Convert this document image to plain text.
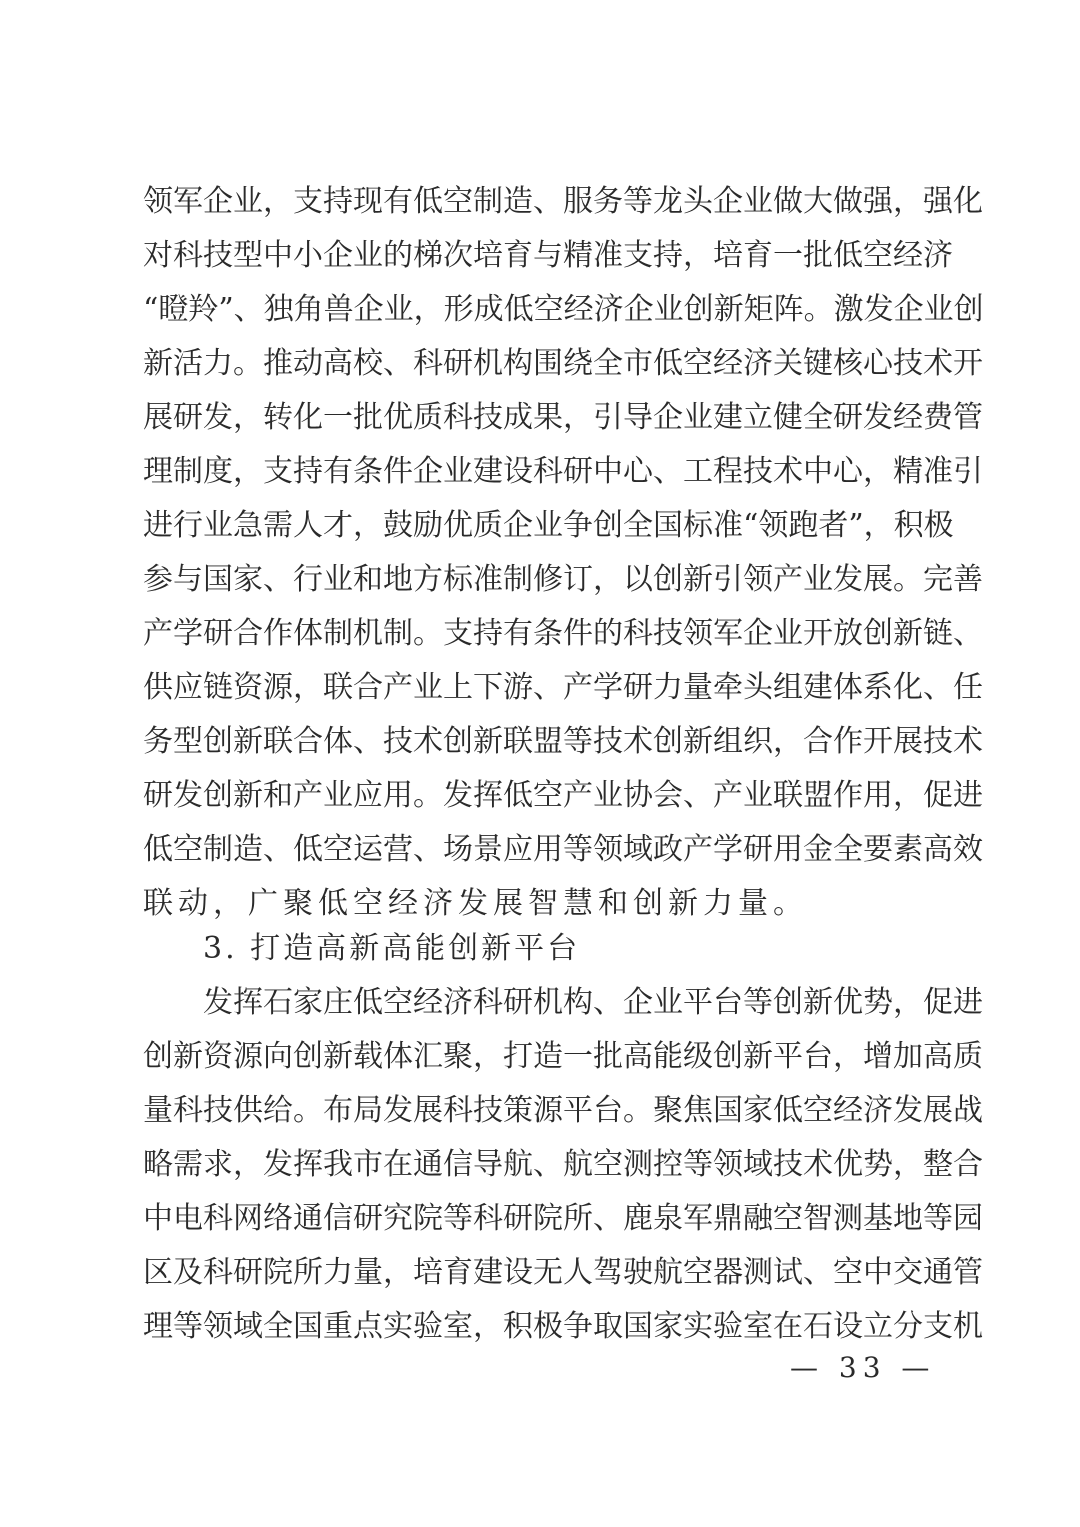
领军企业，支持现有低空制造、服务等龙头企业做大做强，强化
对科技型中小企业的梯次培育与精准支持，培育一批低空经济
“瞪羚”、独角兽企业，形成低空经济企业创新矩阵。激发企业创
新活力。推动高校、科研机构围绕全市低空经济关键核心技术开
展研发，转化一批优质科技成果，引导企业建立健全研发经费管
理制度，支持有条件企业建设科研中心、工程技术中心，精准引
进行业急需人才，鼓励优质企业争创全国标准“领跑者”，积极
参与国家、行业和地方标准制修订，以创新引领产业发展。完善
产学研合作体制机制。支持有条件的科技领军企业开放创新链、
供应链资源，联合产业上下游、产学研力量牵头组建体系化、任
务型创新联合体、技术创新联盟等技术创新组织，合作开展技术
研发创新和产业应用。发挥低空产业协会、产业联盟作用，促进
低空制造、低空运营、场景应用等领域政产学研用金全要素高效
联动，广聚低空经济发展智慧和创新力量。
3. 打造高新高能创新平台
发挥石家庄低空经济科研机构、企业平台等创新优势，促进
创新资源向创新载体汇聚，打造一批高能级创新平台，增加高质
量科技供给。布局发展科技策源平台。聚焦国家低空经济发展战
略需求，发挥我市在通信导航、航空测控等领域技术优势，整合
中电科网络通信研究院等科研院所、鹿泉军鼎融空智测基地等园
区及科研院所力量，培育建设无人驾驶航空器测试、空中交通管
理等领域全国重点实验室，积极争取国家实验室在石设立分支机
— 33 —
